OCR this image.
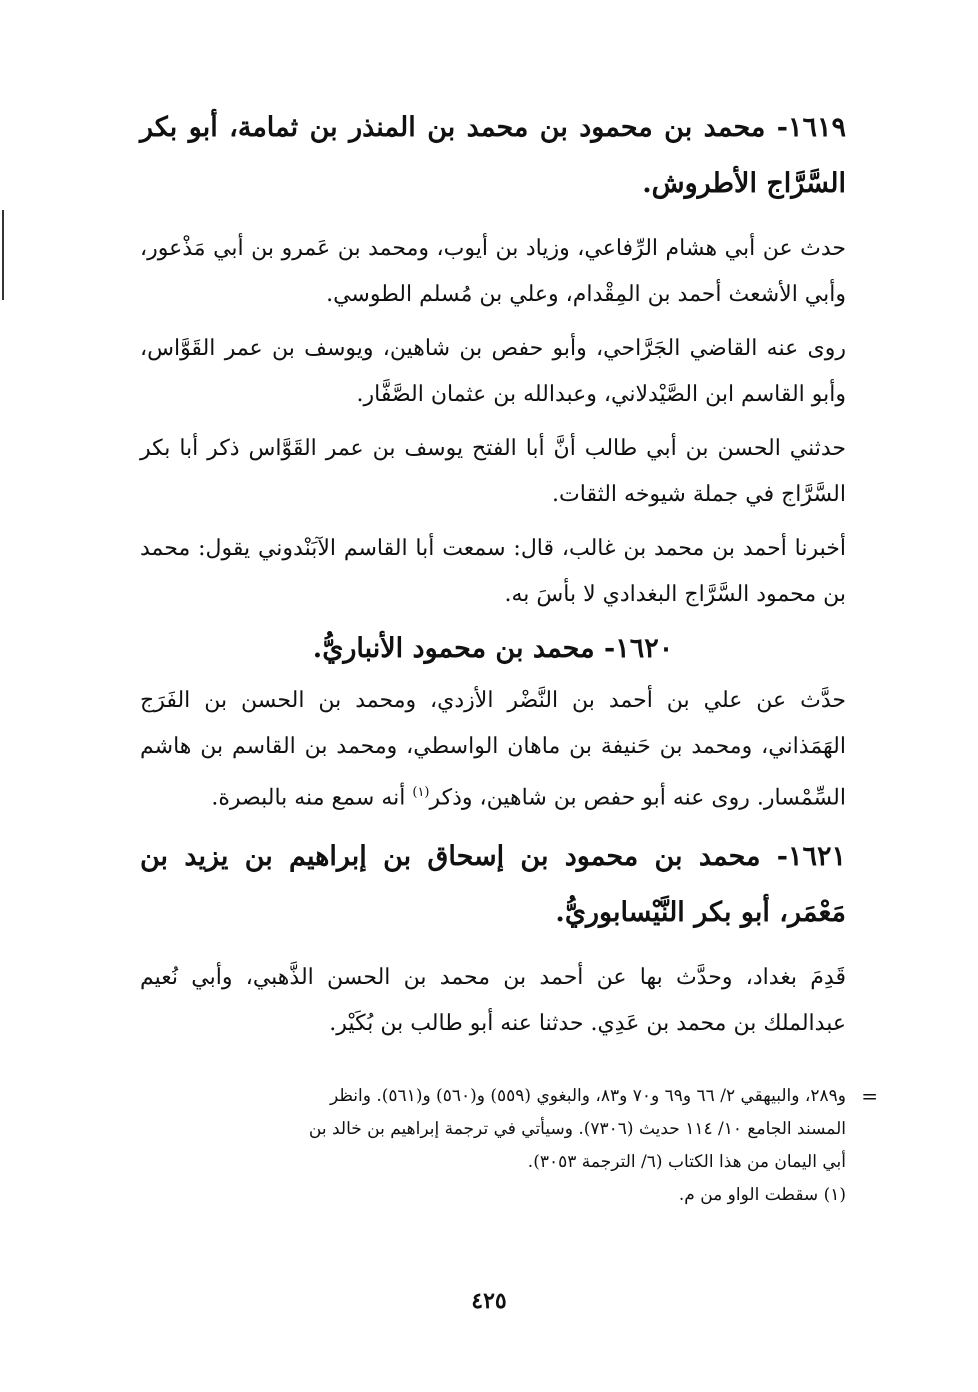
١٦١٩- محمد بن محمود بن محمد بن المنذر بن ثمامة، أبو بكر السَّرَّاج الأطروش.

حدث عن أبي هشام الرِّفاعي، وزياد بن أيوب، ومحمد بن عَمرو بن أبي مَذْعور، وأبي الأشعث أحمد بن المِقْدام، وعلي بن مُسلم الطوسي.

روى عنه القاضي الجَرَّاحي، وأبو حفص بن شاهين، ويوسف بن عمر القَوَّاس، وأبو القاسم ابن الصَّيْدلاني، وعبدالله بن عثمان الصَّفَّار.

حدثني الحسن بن أبي طالب أنَّ أبا الفتح يوسف بن عمر القَوَّاس ذكر أبا بكر السَّرَّاج في جملة شيوخه الثقات.

أخبرنا أحمد بن محمد بن غالب، قال: سمعت أبا القاسم الآبَنْدوني يقول: محمد بن محمود السَّرَّاج البغدادي لا بأسَ به.

١٦٢٠- محمد بن محمود الأنباريُّ.

حدَّث عن علي بن أحمد بن النَّضْر الأزدي، ومحمد بن الحسن بن الفَرَج الهَمَذاني، ومحمد بن حَنيفة بن ماهان الواسطي، ومحمد بن القاسم بن هاشم السِّمْسار. روى عنه أبو حفص بن شاهين، وذكر$^{(١)}$ أنه سمع منه بالبصرة.

١٦٢١- محمد بن محمود بن إسحاق بن إبراهيم بن يزيد بن مَعْمَر، أبو بكر النَّيْسابوريُّ.

قَدِمَ بغداد، وحدَّث بها عن أحمد بن محمد بن الحسن الذَّهبي، وأبي نُعيم عبدالملك بن محمد بن عَدِي. حدثنا عنه أبو طالب بن بُكَيْر.

=
و٢٨٩، والبيهقي ٢/ ٦٦ و٦٩ و٧٠ و٨٣، والبغوي (٥٥٩) و(٥٦٠) و(٥٦١). وانظر

المسند الجامع ١٠/ ١١٤ حديث (٧٣٠٦). وسيأتي في ترجمة إبراهيم بن خالد بن

أبي اليمان من هذا الكتاب (٦/ الترجمة ٣٠٥٣).

(١) سقطت الواو من م.

٤٢٥
